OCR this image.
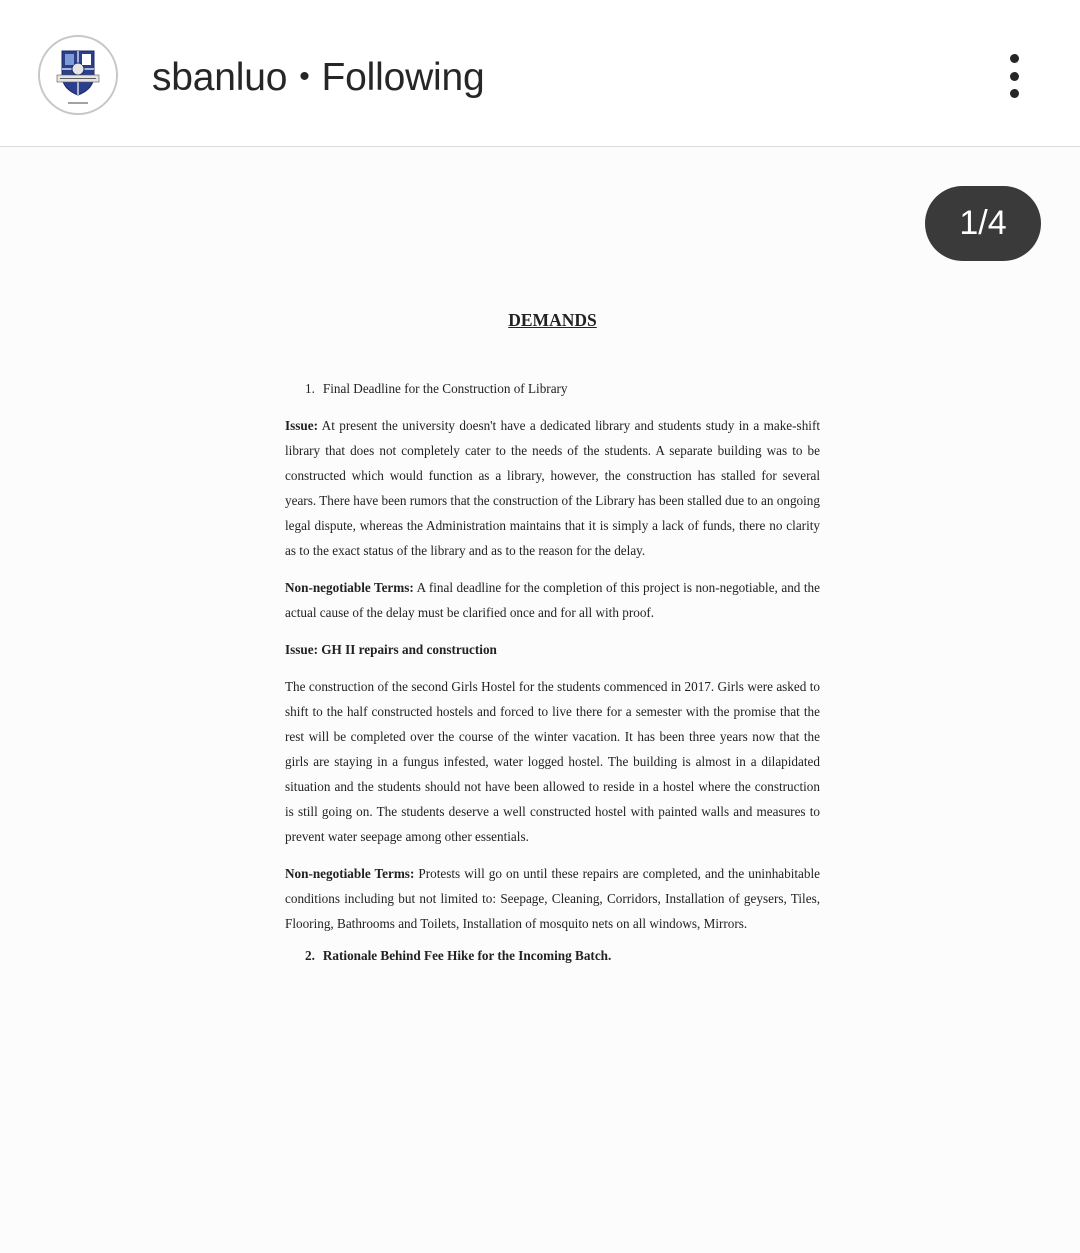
sbanluo • Following
1/4
DEMANDS
1. Final Deadline for the Construction of Library
Issue: At present the university doesn't have a dedicated library and students study in a make-shift library that does not completely cater to the needs of the students. A separate building was to be constructed which would function as a library, however, the construction has stalled for several years. There have been rumors that the construction of the Library has been stalled due to an ongoing legal dispute, whereas the Administration maintains that it is simply a lack of funds, there no clarity as to the exact status of the library and as to the reason for the delay.
Non-negotiable Terms: A final deadline for the completion of this project is non-negotiable, and the actual cause of the delay must be clarified once and for all with proof.
Issue: GH II repairs and construction
The construction of the second Girls Hostel for the students commenced in 2017. Girls were asked to shift to the half constructed hostels and forced to live there for a semester with the promise that the rest will be completed over the course of the winter vacation. It has been three years now that the girls are staying in a fungus infested, water logged hostel. The building is almost in a dilapidated situation and the students should not have been allowed to reside in a hostel where the construction is still going on. The students deserve a well constructed hostel with painted walls and measures to prevent water seepage among other essentials.
Non-negotiable Terms: Protests will go on until these repairs are completed, and the uninhabitable conditions including but not limited to: Seepage, Cleaning, Corridors, Installation of geysers, Tiles, Flooring, Bathrooms and Toilets, Installation of mosquito nets on all windows, Mirrors.
2. Rationale Behind Fee Hike for the Incoming Batch.
